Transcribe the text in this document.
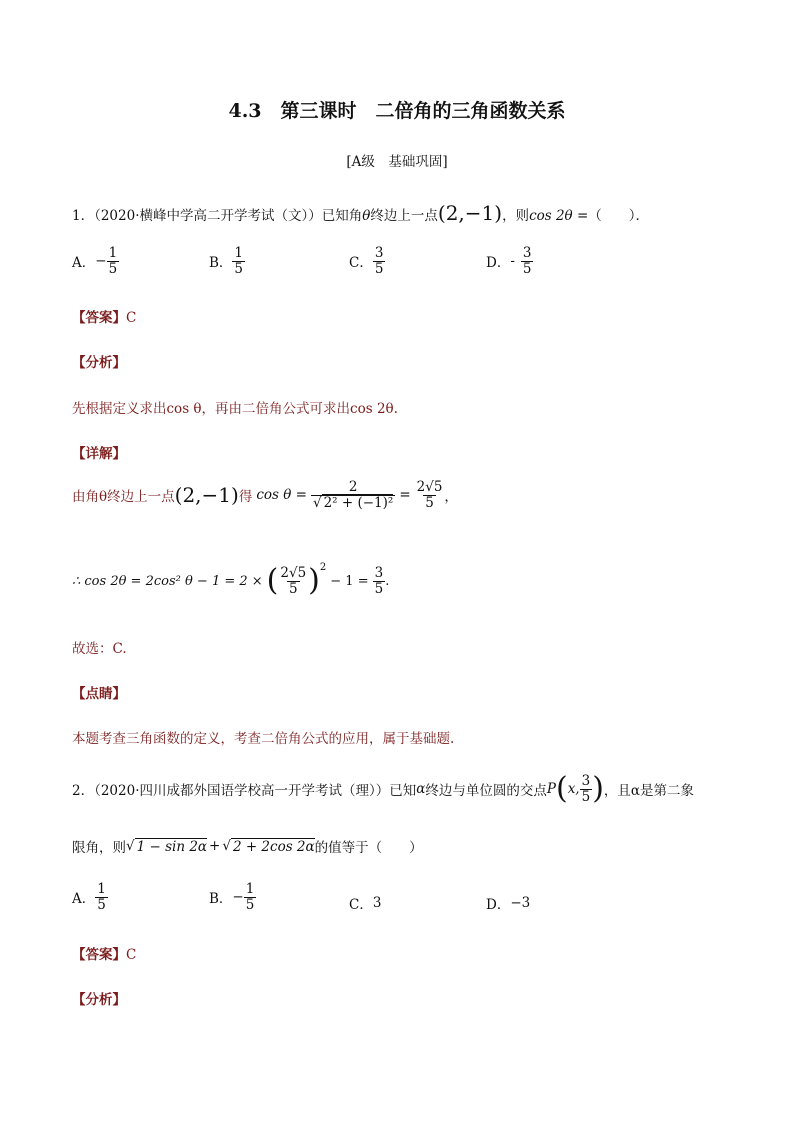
4.3　第三课时　二倍角的三角函数关系
[A级　基础巩固]
1．（2020·横峰中学高二开学考试（文））已知角θ终边上一点(2,−1)，则cos 2θ =（　　）．
A． − $\frac{1}{5}$	B． $\frac{1}{5}$	C． $\frac{3}{5}$	D． - $\frac{3}{5}$
【答案】C
【分析】
先根据定义求出cos θ，再由二倍角公式可求出cos 2θ.
【详解】
由角θ终边上一点 (2,−1) 得 $\cos \theta = \frac{2}{\text{√ 2² + (−1)²}} = \frac{2√5}{5}$ ，
∴ cos 2θ = 2cos² θ − 1 = 2 × ( $\frac{2√5}{5} )^2$
− $1 = \frac{3}{5}$ .
故选：C.
【点睛】
本题考查三角函数的定义，考查二倍角公式的应用，属于基础题.
2．（2020·四川成都外国语学校高一开学考试（理））已知 α 终边与单位圆的交点 P ( x, $\frac{3}{5}$ ) ，且α是第二象
限角，则 √ 1 − sin 2α + √ 2 + 2cos 2α 的值等于（　　）
A． $\frac{1}{5}$	B． − $\frac{1}{5}$	C． 3	D． −3
【答案】C
【分析】
